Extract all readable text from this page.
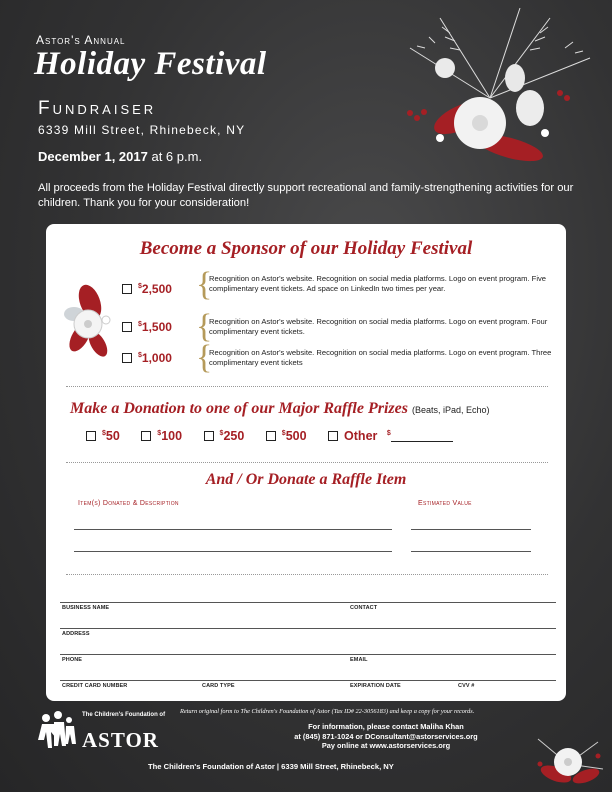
Astor's Annual
Holiday Festival
Fundraiser
6339 Mill Street, Rhinebeck, NY
December 1, 2017 at 6 p.m.
All proceeds from the Holiday Festival directly support recreational and family-strengthening activities for our children. Thank you for your consideration!
Become a Sponsor of our Holiday Festival
$2,500 {
Recognition on Astor's website. Recognition on social media platforms. Logo on event program. Five complimentary event tickets. Ad space on LinkedIn two times per year.
$1,500 {
Recognition on Astor's website. Recognition on social media platforms. Logo on event program. Four complimentary event tickets.
$1,000 {
Recognition on Astor's website. Recognition on social media platforms. Logo on event program. Three complimentary event tickets
Make a Donation to one of our Major Raffle Prizes (Beats, iPad, Echo)
$50	$100	$250	$500	Other $
And / Or Donate a Raffle Item
Item(s) Donated & Description	Estimated Value
BUSINESS NAME	CONTACT
ADDRESS
PHONE	EMAIL
CREDIT CARD NUMBER	CARD TYPE	EXPIRATION DATE	CVV #
The Children's Foundation of
ASTOR
Return original form to The Children's Foundation of Astor (Tax ID# 22-3056183) and keep a copy for your records.
For information, please contact Maliha Khan
at (845) 871-1024 or DConsultant@astorservices.org
Pay online at www.astorservices.org
The Children's Foundation of Astor | 6339 Mill Street, Rhinebeck, NY
